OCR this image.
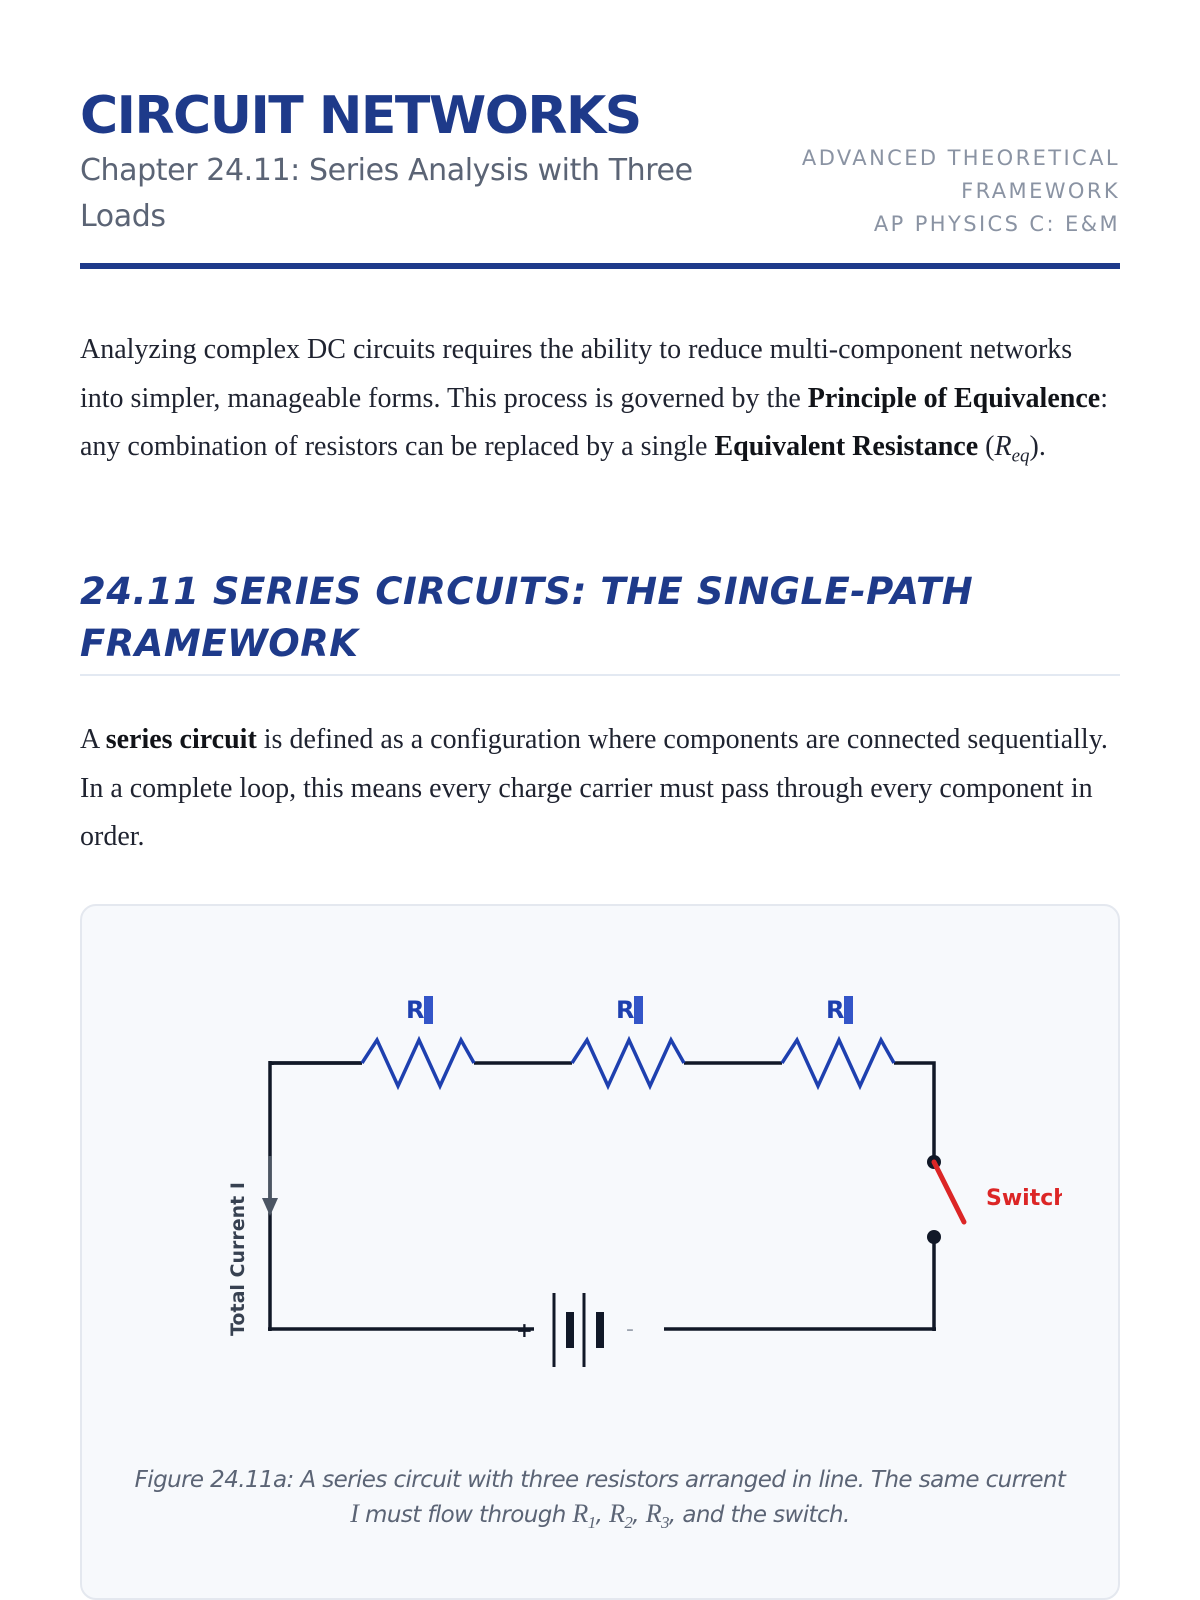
CIRCUIT NETWORKS
Chapter 24.11: Series Analysis with Three Loads
ADVANCED THEORETICAL
FRAMEWORK
AP PHYSICS C: E&M

Analyzing complex DC circuits requires the ability to reduce multi-component networks into simpler, manageable forms. This process is governed by the Principle of Equivalence: any combination of resistors can be replaced by a single Equivalent Resistance $(R_{eq})$.

24.11 SERIES CIRCUITS: THE SINGLE-PATH FRAMEWORK

A series circuit is defined as a configuration where components are connected sequentially. In a complete loop, this means every charge carrier must pass through every component in order.

R	R	R
Total Current I	Switch
+	-
Figure 24.11a: A series circuit with three resistors arranged in line. The same current
I must flow through $R_1$, $R_2$, $R_3$, and the switch.
